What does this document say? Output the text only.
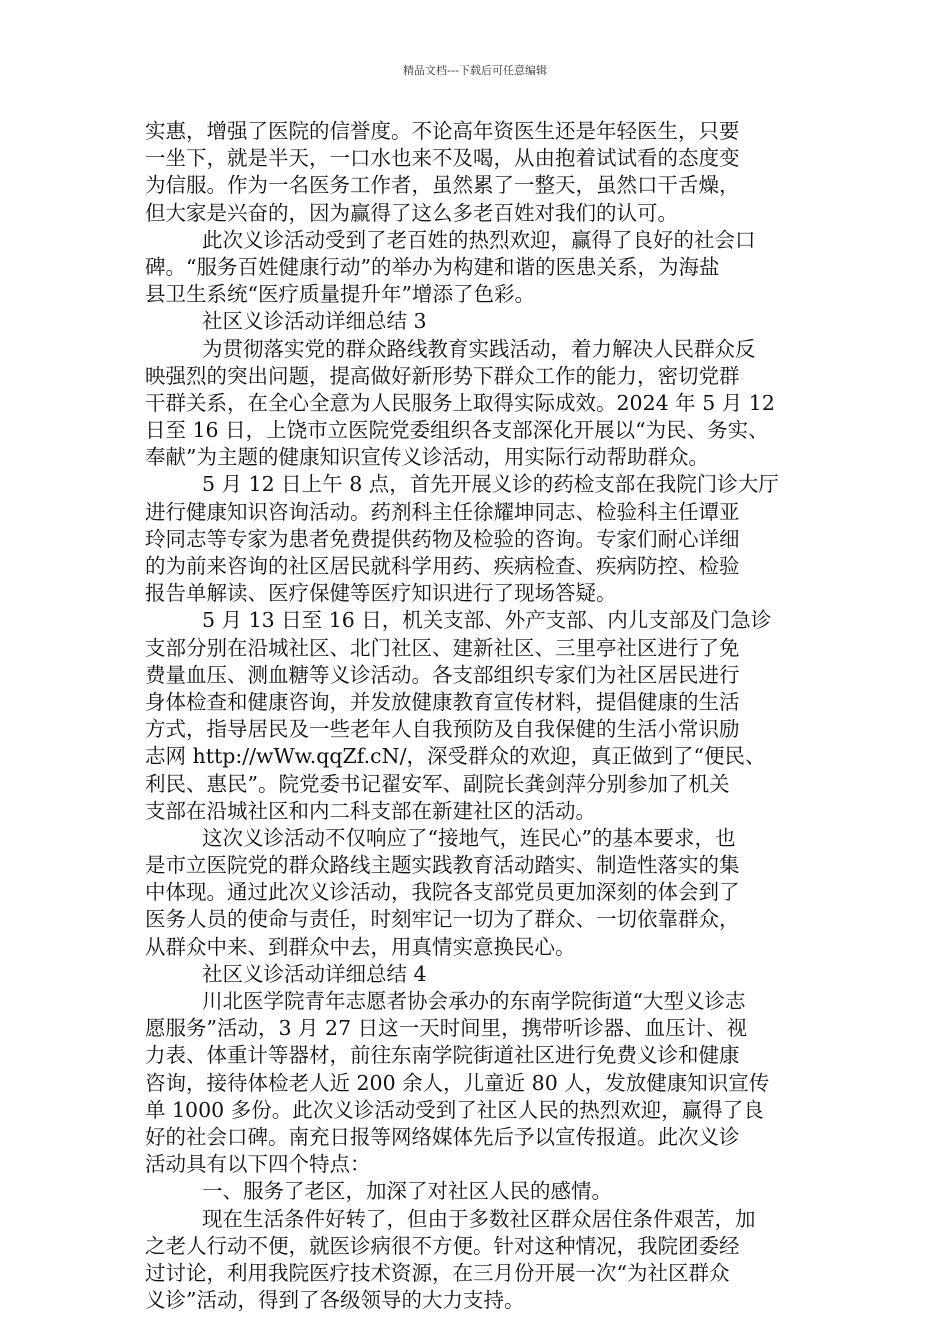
精品文档---下载后可任意编辑
实惠，增强了医院的信誉度。不论高年资医生还是年轻医生，只要
一坐下，就是半天，一口水也来不及喝，从由抱着试试看的态度变
为信服。作为一名医务工作者，虽然累了一整天，虽然口干舌燥，
但大家是兴奋的，因为赢得了这么多老百姓对我们的认可。
此次义诊活动受到了老百姓的热烈欢迎，赢得了良好的社会口
碑。“服务百姓健康行动”的举办为构建和谐的医患关系，为海盐
县卫生系统“医疗质量提升年”增添了色彩。
社区义诊活动详细总结 3
为贯彻落实党的群众路线教育实践活动，着力解决人民群众反
映强烈的突出问题，提高做好新形势下群众工作的能力，密切党群
干群关系，在全心全意为人民服务上取得实际成效。2024 年 5 月 12
日至 16 日，上饶市立医院党委组织各支部深化开展以“为民、务实、
奉献”为主题的健康知识宣传义诊活动，用实际行动帮助群众。
5 月 12 日上午 8 点，首先开展义诊的药检支部在我院门诊大厅
进行健康知识咨询活动。药剂科主任徐耀坤同志、检验科主任谭亚
玲同志等专家为患者免费提供药物及检验的咨询。专家们耐心详细
的为前来咨询的社区居民就科学用药、疾病检查、疾病防控、检验
报告单解读、医疗保健等医疗知识进行了现场答疑。
5 月 13 日至 16 日，机关支部、外产支部、内儿支部及门急诊
支部分别在沿城社区、北门社区、建新社区、三里亭社区进行了免
费量血压、测血糖等义诊活动。各支部组织专家们为社区居民进行
身体检查和健康咨询，并发放健康教育宣传材料，提倡健康的生活
方式，指导居民及一些老年人自我预防及自我保健的生活小常识励
志网 http://wWw.qqZf.cN/，深受群众的欢迎，真正做到了“便民、
利民、惠民”。院党委书记翟安军、副院长龚剑萍分别参加了机关
支部在沿城社区和内二科支部在新建社区的活动。
这次义诊活动不仅响应了“接地气，连民心”的基本要求，也
是市立医院党的群众路线主题实践教育活动踏实、制造性落实的集
中体现。通过此次义诊活动，我院各支部党员更加深刻的体会到了
医务人员的使命与责任，时刻牢记一切为了群众、一切依靠群众，
从群众中来、到群众中去，用真情实意换民心。
社区义诊活动详细总结 4
川北医学院青年志愿者协会承办的东南学院街道“大型义诊志
愿服务”活动，3 月 27 日这一天时间里，携带听诊器、血压计、视
力表、体重计等器材，前往东南学院街道社区进行免费义诊和健康
咨询，接待体检老人近 200 余人，儿童近 80 人，发放健康知识宣传
单 1000 多份。此次义诊活动受到了社区人民的热烈欢迎，赢得了良
好的社会口碑。南充日报等网络媒体先后予以宣传报道。此次义诊
活动具有以下四个特点：
一、服务了老区，加深了对社区人民的感情。
现在生活条件好转了，但由于多数社区群众居住条件艰苦，加
之老人行动不便，就医诊病很不方便。针对这种情况，我院团委经
过讨论，利用我院医疗技术资源，在三月份开展一次“为社区群众
义诊”活动，得到了各级领导的大力支持。
